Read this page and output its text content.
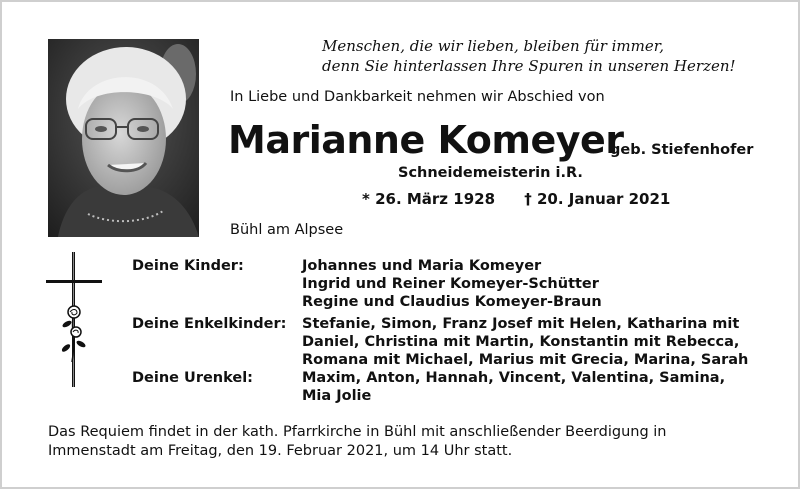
Menschen, die wir lieben, bleiben für immer,
denn Sie hinterlassen Ihre Spuren in unseren Herzen!
In Liebe und Dankbarkeit nehmen wir Abschied von
Marianne Komeyer
geb. Stiefenhofer
Schneidemeisterin i.R.
* 26. März 1928 † 20. Januar 2021
Bühl am Alpsee
Deine Kinder:	Johannes und Maria Komeyer
Ingrid und Reiner Komeyer-Schütter
Regine und Claudius Komeyer-Braun
Deine Enkelkinder: Stefanie, Simon, Franz Josef mit Helen, Katharina mit
Daniel, Christina mit Martin, Konstantin mit Rebecca,
Romana mit Michael, Marius mit Grecia, Marina, Sarah
Deine Urenkel:	Maxim, Anton, Hannah, Vincent, Valentina, Samina,
Mia Jolie
Das Requiem findet in der kath. Pfarrkirche in Bühl mit anschließender Beerdigung in
Immenstadt am Freitag, den 19. Februar 2021, um 14 Uhr statt.
